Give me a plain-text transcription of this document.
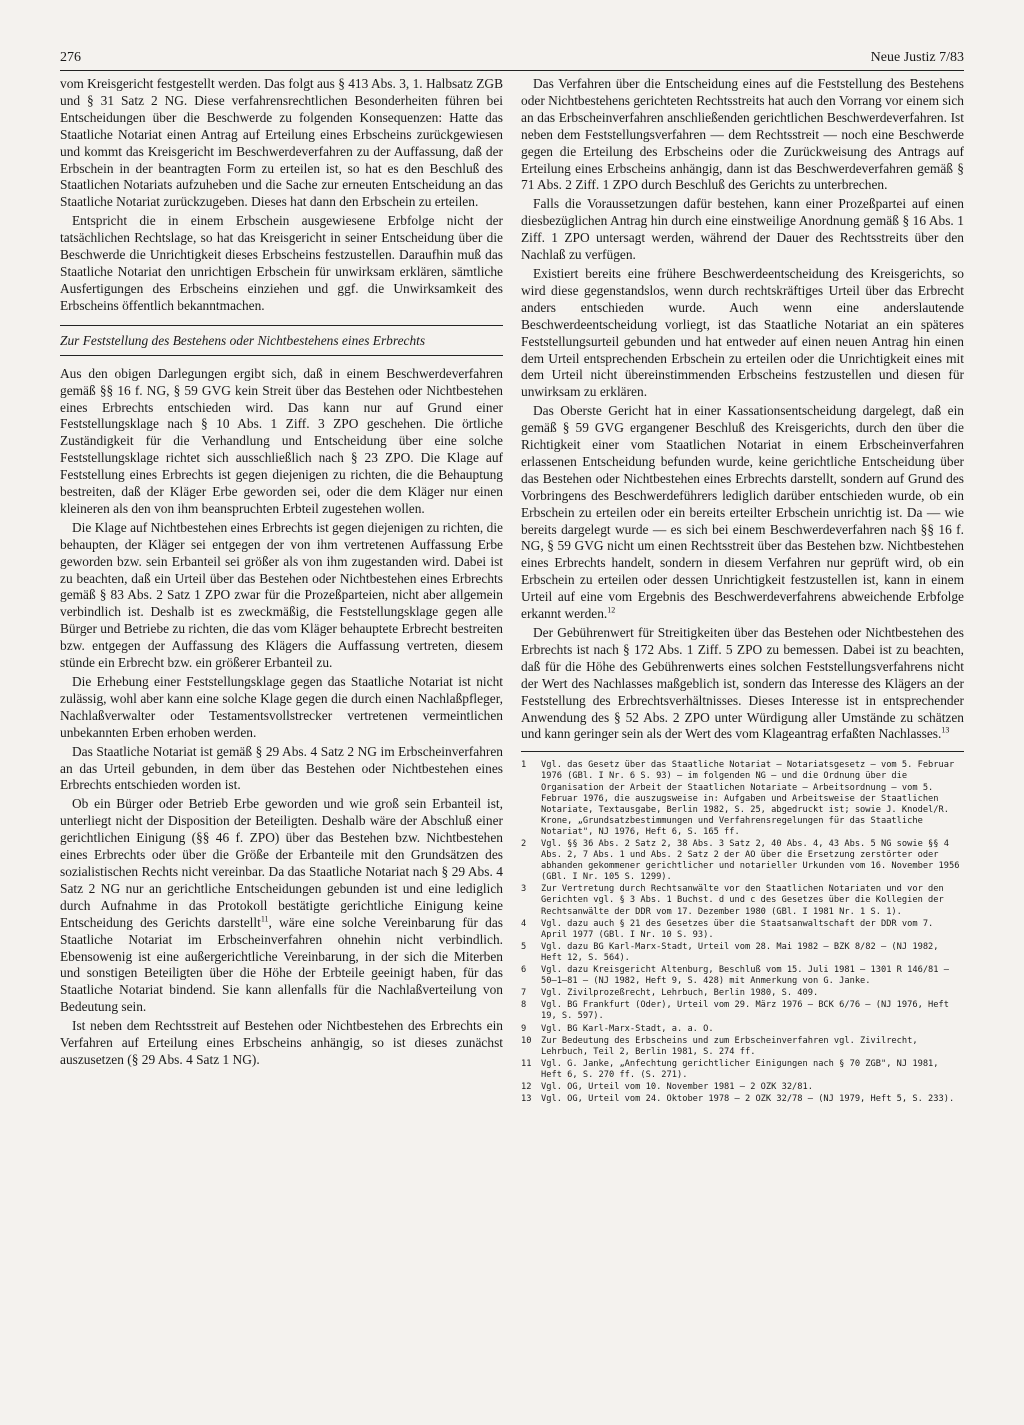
276	Neue Justiz 7/83

vom Kreisgericht festgestellt werden. Das folgt aus § 413 Abs. 3, 1. Halbsatz ZGB und § 31 Satz 2 NG. Diese verfahrensrechtlichen Besonderheiten führen bei Entscheidungen über die Beschwerde zu folgenden Konsequenzen: Hatte das Staatliche Notariat einen Antrag auf Erteilung eines Erbscheins zurückgewiesen und kommt das Kreisgericht im Beschwerdeverfahren zu der Auffassung, daß der Erbschein in der beantragten Form zu erteilen ist, so hat es den Beschluß des Staatlichen Notariats aufzuheben und die Sache zur erneuten Entscheidung an das Staatliche Notariat zurückzugeben. Dieses hat dann den Erbschein zu erteilen.

Entspricht die in einem Erbschein ausgewiesene Erbfolge nicht der tatsächlichen Rechtslage, so hat das Kreisgericht in seiner Entscheidung über die Beschwerde die Unrichtigkeit dieses Erbscheins festzustellen. Daraufhin muß das Staatliche Notariat den unrichtigen Erbschein für unwirksam erklären, sämtliche Ausfertigungen des Erbscheins einziehen und ggf. die Unwirksamkeit des Erbscheins öffentlich bekanntmachen.

Zur Feststellung des Bestehens oder Nichtbestehens eines Erbrechts

Aus den obigen Darlegungen ergibt sich, daß in einem Beschwerdeverfahren gemäß §§ 16 f. NG, § 59 GVG kein Streit über das Bestehen oder Nichtbestehen eines Erbrechts entschieden wird. Das kann nur auf Grund einer Feststellungsklage nach § 10 Abs. 1 Ziff. 3 ZPO geschehen. Die örtliche Zuständigkeit für die Verhandlung und Entscheidung über eine solche Feststellungsklage richtet sich ausschließlich nach § 23 ZPO. Die Klage auf Feststellung eines Erbrechts ist gegen diejenigen zu richten, die die Behauptung bestreiten, daß der Kläger Erbe geworden sei, oder die dem Kläger nur einen kleineren als den von ihm beanspruchten Erbteil zugestehen wollen.

Die Klage auf Nichtbestehen eines Erbrechts ist gegen diejenigen zu richten, die behaupten, der Kläger sei entgegen der von ihm vertretenen Auffassung Erbe geworden bzw. sein Erbanteil sei größer als von ihm zugestanden wird. Dabei ist zu beachten, daß ein Urteil über das Bestehen oder Nichtbestehen eines Erbrechts gemäß § 83 Abs. 2 Satz 1 ZPO zwar für die Prozeßparteien, nicht aber allgemein verbindlich ist. Deshalb ist es zweckmäßig, die Feststellungsklage gegen alle Bürger und Betriebe zu richten, die das vom Kläger behauptete Erbrecht bestreiten bzw. entgegen der Auffassung des Klägers die Auffassung vertreten, diesem stünde ein Erbrecht bzw. ein größerer Erbanteil zu.

Die Erhebung einer Feststellungsklage gegen das Staatliche Notariat ist nicht zulässig, wohl aber kann eine solche Klage gegen die durch einen Nachlaßpfleger, Nachlaßverwalter oder Testamentsvollstrecker vertretenen vermeintlichen unbekannten Erben erhoben werden.

Das Staatliche Notariat ist gemäß § 29 Abs. 4 Satz 2 NG im Erbscheinverfahren an das Urteil gebunden, in dem über das Bestehen oder Nichtbestehen eines Erbrechts entschieden worden ist.

Ob ein Bürger oder Betrieb Erbe geworden und wie groß sein Erbanteil ist, unterliegt nicht der Disposition der Beteiligten. Deshalb wäre der Abschluß einer gerichtlichen Einigung (§§ 46 f. ZPO) über das Bestehen bzw. Nichtbestehen eines Erbrechts oder über die Größe der Erbanteile mit den Grundsätzen des sozialistischen Rechts nicht vereinbar. Da das Staatliche Notariat nach § 29 Abs. 4 Satz 2 NG nur an gerichtliche Entscheidungen gebunden ist und eine lediglich durch Aufnahme in das Protokoll bestätigte gerichtliche Einigung keine Entscheidung des Gerichts darstellt$^{11}$, wäre eine solche Vereinbarung für das Staatliche Notariat im Erbscheinverfahren ohnehin nicht verbindlich. Ebensowenig ist eine außergerichtliche Vereinbarung, in der sich die Miterben und sonstigen Beteiligten über die Höhe der Erbteile geeinigt haben, für das Staatliche Notariat bindend. Sie kann allenfalls für die Nachlaßverteilung von Bedeutung sein.

Ist neben dem Rechtsstreit auf Bestehen oder Nichtbestehen des Erbrechts ein Verfahren auf Erteilung eines Erbscheins anhängig, so ist dieses zunächst auszusetzen (§ 29 Abs. 4 Satz 1 NG).

Das Verfahren über die Entscheidung eines auf die Feststellung des Bestehens oder Nichtbestehens gerichteten Rechtsstreits hat auch den Vorrang vor einem sich an das Erbscheinverfahren anschließenden gerichtlichen Beschwerdeverfahren. Ist neben dem Feststellungsverfahren — dem Rechtsstreit — noch eine Beschwerde gegen die Erteilung des Erbscheins oder die Zurückweisung des Antrags auf Erteilung eines Erbscheins anhängig, dann ist das Beschwerdeverfahren gemäß § 71 Abs. 2 Ziff. 1 ZPO durch Beschluß des Gerichts zu unterbrechen.

Falls die Voraussetzungen dafür bestehen, kann einer Prozeßpartei auf einen diesbezüglichen Antrag hin durch eine einstweilige Anordnung gemäß § 16 Abs. 1 Ziff. 1 ZPO untersagt werden, während der Dauer des Rechtsstreits über den Nachlaß zu verfügen.

Existiert bereits eine frühere Beschwerdeentscheidung des Kreisgerichts, so wird diese gegenstandslos, wenn durch rechtskräftiges Urteil über das Erbrecht anders entschieden wurde. Auch wenn eine anderslautende Beschwerdeentscheidung vorliegt, ist das Staatliche Notariat an ein späteres Feststellungsurteil gebunden und hat entweder auf einen neuen Antrag hin einen dem Urteil entsprechenden Erbschein zu erteilen oder die Unrichtigkeit eines mit dem Urteil nicht übereinstimmenden Erbscheins festzustellen und diesen für unwirksam zu erklären.

Das Oberste Gericht hat in einer Kassationsentscheidung dargelegt, daß ein gemäß § 59 GVG ergangener Beschluß des Kreisgerichts, durch den über die Richtigkeit einer vom Staatlichen Notariat in einem Erbscheinverfahren erlassenen Entscheidung befunden wurde, keine gerichtliche Entscheidung über das Bestehen oder Nichtbestehen eines Erbrechts darstellt, sondern auf Grund des Vorbringens des Beschwerdeführers lediglich darüber entschieden wurde, ob ein Erbschein zu erteilen oder ein bereits erteilter Erbschein unrichtig ist. Da — wie bereits dargelegt wurde — es sich bei einem Beschwerdeverfahren nach §§ 16 f. NG, § 59 GVG nicht um einen Rechtsstreit über das Bestehen bzw. Nichtbestehen eines Erbrechts handelt, sondern in diesem Verfahren nur geprüft wird, ob ein Erbschein zu erteilen oder dessen Unrichtigkeit festzustellen ist, kann in einem Urteil auf eine vom Ergebnis des Beschwerdeverfahrens abweichende Erbfolge erkannt werden.$^{12}$

Der Gebührenwert für Streitigkeiten über das Bestehen oder Nichtbestehen des Erbrechts ist nach § 172 Abs. 1 Ziff. 5 ZPO zu bemessen. Dabei ist zu beachten, daß für die Höhe des Gebührenwerts eines solchen Feststellungsverfahrens nicht der Wert des Nachlasses maßgeblich ist, sondern das Interesse des Klägers an der Feststellung des Erbrechtsverhältnisses. Dieses Interesse ist in entsprechender Anwendung des § 52 Abs. 2 ZPO unter Würdigung aller Umstände zu schätzen und kann geringer sein als der Wert des vom Klageantrag erfaßten Nachlasses.$^{13}$

1	Vgl. das Gesetz über das Staatliche Notariat – Notariatsgesetz – vom 5. Februar 1976 (GBl. I Nr. 6 S. 93) – im folgenden NG – und die Ordnung über die Organisation der Arbeit der Staatlichen Notariate – Arbeitsordnung – vom 5. Februar 1976, die auszugsweise in: Aufgaben und Arbeitsweise der Staatlichen Notariate, Textausgabe, Berlin 1982, S. 25, abgedruckt ist; sowie J. Knodel/R. Krone, „Grundsatzbestimmungen und Verfahrensregelungen für das Staatliche Notariat", NJ 1976, Heft 6, S. 165 ff.
2	Vgl. §§ 36 Abs. 2 Satz 2, 38 Abs. 3 Satz 2, 40 Abs. 4, 43 Abs. 5 NG sowie §§ 4 Abs. 2, 7 Abs. 1 und Abs. 2 Satz 2 der AO über die Ersetzung zerstörter oder abhanden gekommener gerichtlicher und notarieller Urkunden vom 16. November 1956 (GBl. I Nr. 105 S. 1299).
3	Zur Vertretung durch Rechtsanwälte vor den Staatlichen Notariaten und vor den Gerichten vgl. § 3 Abs. 1 Buchst. d und c des Gesetzes über die Kollegien der Rechtsanwälte der DDR vom 17. Dezember 1980 (GBl. I 1981 Nr. 1 S. 1).
4	Vgl. dazu auch § 21 des Gesetzes über die Staatsanwaltschaft der DDR vom 7. April 1977 (GBl. I Nr. 10 S. 93).
5	Vgl. dazu BG Karl-Marx-Stadt, Urteil vom 28. Mai 1982 – BZK 8/82 – (NJ 1982, Heft 12, S. 564).
6	Vgl. dazu Kreisgericht Altenburg, Beschluß vom 15. Juli 1981 – 1301 R 146/81 – 50–1–81 – (NJ 1982, Heft 9, S. 428) mit Anmerkung von G. Janke.
7	Vgl. Zivilprozeßrecht, Lehrbuch, Berlin 1980, S. 409.
8	Vgl. BG Frankfurt (Oder), Urteil vom 29. März 1976 – BCK 6/76 – (NJ 1976, Heft 19, S. 597).
9	Vgl. BG Karl-Marx-Stadt, a. a. O.
10	Zur Bedeutung des Erbscheins und zum Erbscheinverfahren vgl. Zivilrecht, Lehrbuch, Teil 2, Berlin 1981, S. 274 ff.
11	Vgl. G. Janke, „Anfechtung gerichtlicher Einigungen nach § 70 ZGB", NJ 1981, Heft 6, S. 270 ff. (S. 271).
12	Vgl. OG, Urteil vom 10. November 1981 – 2 OZK 32/81.
13	Vgl. OG, Urteil vom 24. Oktober 1978 – 2 OZK 32/78 – (NJ 1979, Heft 5, S. 233).
